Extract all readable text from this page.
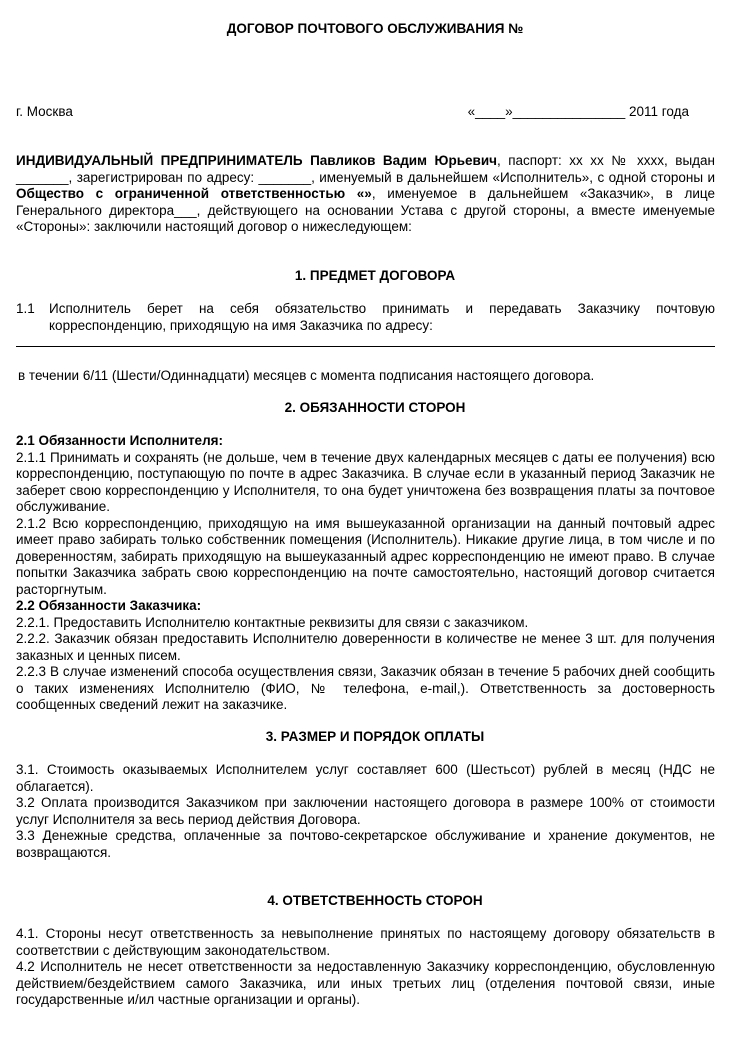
ДОГОВОР ПОЧТОВОГО ОБСЛУЖИВАНИЯ №
г. Москва	«____»_______________ 2011 года

ИНДИВИДУАЛЬНЫЙ ПРЕДПРИНИМАТЕЛЬ Павликов Вадим Юрьевич, паспорт: хх хх № хххх, выдан _______, зарегистрирован по адресу: _______, именуемый в дальнейшем «Исполнитель», с одной стороны и Общество с ограниченной ответственностью «», именуемое в дальнейшем «Заказчик», в лице Генерального директора___, действующего на основании Устава с другой стороны, а вместе именуемые «Стороны»: заключили настоящий договор о нижеследующем:

1. ПРЕДМЕТ ДОГОВОРА
1.1 Исполнитель берет на себя обязательство принимать и передавать Заказчику почтовую корреспонденцию, приходящую на имя Заказчика по адресу:

в течении 6/11 (Шести/Одиннадцати) месяцев с момента подписания настоящего договора.

2. ОБЯЗАННОСТИ СТОРОН

2.1 Обязанности Исполнителя:

2.1.1 Принимать и сохранять (не дольше, чем в течение двух календарных месяцев с даты ее получения) всю корреспонденцию, поступающую по почте в адрес Заказчика. В случае если в указанный период Заказчик не заберет свою корреспонденцию у Исполнителя, то она будет уничтожена без возвращения платы за почтовое обслуживание.

2.1.2 Всю корреспонденцию, приходящую на имя вышеуказанной организации на данный почтовый адрес имеет право забирать только собственник помещения (Исполнитель). Никакие другие лица, в том числе и по доверенностям, забирать приходящую на вышеуказанный адрес корреспонденцию не имеют право. В случае попытки Заказчика забрать свою корреспонденцию на почте самостоятельно, настоящий договор считается расторгнутым.

2.2 Обязанности Заказчика:

2.2.1. Предоставить Исполнителю контактные реквизиты для связи с заказчиком.

2.2.2. Заказчик обязан предоставить Исполнителю доверенности в количестве не менее 3 шт. для получения заказных и ценных писем.

2.2.3 В случае изменений способа осуществления связи, Заказчик обязан в течение 5 рабочих дней сообщить о таких изменениях Исполнителю (ФИО, № телефона, e-mail,). Ответственность за достоверность сообщенных сведений лежит на заказчике.

3. РАЗМЕР И ПОРЯДОК ОПЛАТЫ

3.1. Стоимость оказываемых Исполнителем услуг составляет 600 (Шестьсот) рублей в месяц (НДС не облагается).

3.2 Оплата производится Заказчиком при заключении настоящего договора в размере 100% от стоимости услуг Исполнителя за весь период действия Договора.

3.3 Денежные средства, оплаченные за почтово-секретарское обслуживание и хранение документов, не возвращаются.

4. ОТВЕТСТВЕННОСТЬ СТОРОН

4.1. Стороны несут ответственность за невыполнение принятых по настоящему договору обязательств в соответствии с действующим законодательством.

4.2 Исполнитель не несет ответственности за недоставленную Заказчику корреспонденцию, обусловленную действием/бездействием самого Заказчика, или иных третьих лиц (отделения почтовой связи, иные государственные и/ил частные организации и органы).
